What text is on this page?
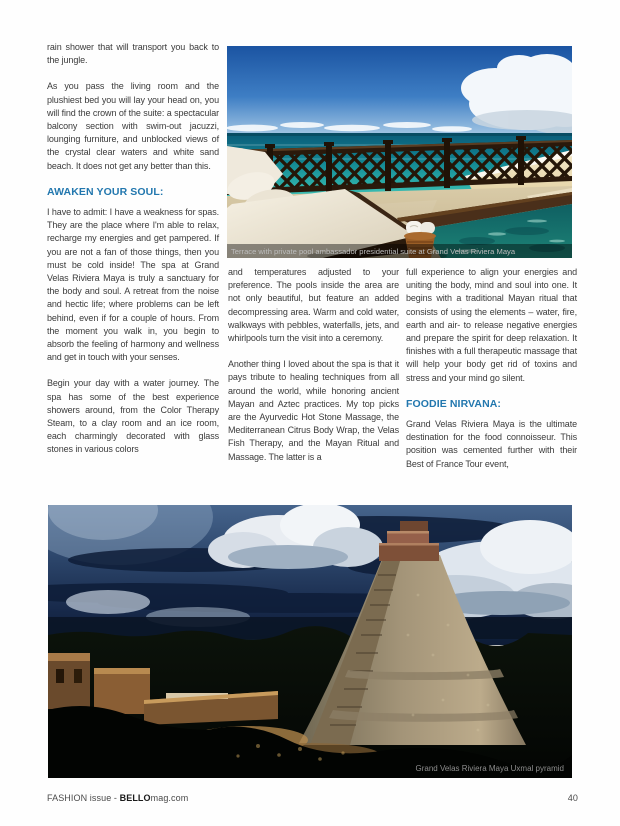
rain shower that will transport you back to the jungle.

As you pass the living room and the plushiest bed you will lay your head on, you will find the crown of the suite: a spectacular balcony section with swim-out jacuzzi, lounging furniture, and unblocked views of the crystal clear waters and white sand beach. It does not get any better than this.

AWAKEN YOUR SOUL:

I have to admit: I have a weakness for spas. They are the place where I'm able to relax, recharge my energies and get pampered. If you are not a fan of those things, then you must be cold inside! The spa at Grand Velas Riviera Maya is truly a sanctuary for the body and soul. A retreat from the noise and hectic life; where problems can be left behind, even if for a couple of hours. From the moment you walk in, you begin to absorb the feeling of harmony and wellness and get in touch with your senses.

Begin your day with a water journey. The spa has some of the best experience showers around, from the Color Therapy Steam, to a clay room and an ice room, each charmingly decorated with glass stones in various colors

Terrace with private pool ambassador presidential suite at Grand Velas Riviera Maya

and temperatures adjusted to your preference. The pools inside the area are not only beautiful, but feature an added decompressing area. Warm and cold water, walkways with pebbles, waterfalls, jets, and whirlpools turn the visit into a ceremony.

Another thing I loved about the spa is that it pays tribute to healing techniques from all around the world, while honoring ancient Mayan and Aztec practices. My top picks are the Ayurvedic Hot Stone Massage, the Mediterranean Citrus Body Wrap, the Velas Fish Therapy, and the Mayan Ritual and Massage. The latter is a

full experience to align your energies and uniting the body, mind and soul into one. It begins with a traditional Mayan ritual that consists of using the elements – water, fire, earth and air- to release negative energies and prepare the spirit for deep relaxation. It finishes with a full therapeutic massage that will help your body get rid of toxins and stress and your mind go silent.

FOODIE NIRVANA:

Grand Velas Riviera Maya is the ultimate destination for the food connoisseur. This position was cemented further with their Best of France Tour event,

Grand Velas Riviera Maya Uxmal pyramid
FASHION issue - BELLOmag.com	40
